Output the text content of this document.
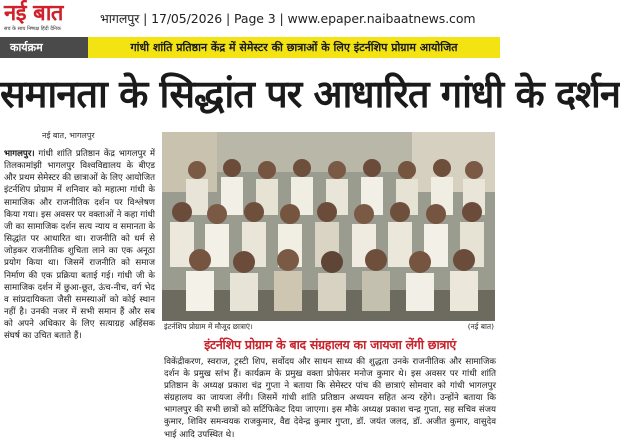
नई बात
सच के साथ निष्पक्ष हिंदी दैनिक
भागलपुर | 17/05/2026 | Page 3 | www.epaper.naibaatnews.com
कार्यक्रम	गांधी शांति प्रतिष्ठान केंद्र में सेमेस्टर की छात्राओं के लिए इंटर्नशिप प्रोग्राम आयोजित
समानता के सिद्धांत पर आधारित गांधी के दर्शन
नई बात, भागलपुर
भागलपुर। गांधी शांति प्रतिष्ठान केंद्र भागलपुर में तिलकामांझी भागलपुर विश्वविद्यालय के बीएड और प्रथम सेमेस्टर की छात्राओं के लिए आयोजित इंटर्नशिप प्रोग्राम में शनिवार को महात्मा गांधी के सामाजिक और राजनीतिक दर्शन पर विश्लेषण किया गया। इस अवसर पर वक्ताओं ने कहा गांधी जी का सामाजिक दर्शन सत्य न्याय व समानता के सिद्धांत पर आधारित था। राजनीति को धर्म से जोड़कर राजनीतिक शुचिता लाने का एक अनूठा प्रयोग किया था। जिसमें राजनीति को समाज निर्माण की एक प्रक्रिया बताई गई। गांधी जी के सामाजिक दर्शन में छुआ-छूत, ऊंच-नीच, वर्ग भेद व सांप्रदायिकता जैसी समस्याओं को कोई स्थान नहीं है। उनकी नजर में सभी समान हैं और सब को अपने अधिकार के लिए सत्याग्रह अहिंसक संघर्ष का उचित बताते हैं।
इंटर्नशिप प्रोग्राम में मौजूद छात्राएं।	(नई बात)
इंटर्नशिप प्रोग्राम के बाद संग्रहालय का जायजा लेंगी छात्राएं
विकेंद्रीकरण, स्वराज, ट्रस्टी शिप, सर्वोदय और साधन साध्य की शुद्धता उनके राजनीतिक और सामाजिक दर्शन के प्रमुख स्तंभ हैं। कार्यक्रम के प्रमुख वक्ता प्रोफेसर मनोज कुमार थे। इस अवसर पर गांधी शांति प्रतिष्ठान के अध्यक्ष प्रकाश चंद्र गुप्ता ने बताया कि सेमेस्टर पांच की छात्राएं सोमवार को गांधी भागलपुर संग्रहालय का जायजा लेंगी। जिसमें गांधी शांति प्रतिष्ठान अध्ययन सहित अन्य रहेंगे। उन्होंने बताया कि भागलपुर की सभी छात्रों को सर्टिफिकेट दिया जाएगा। इस मौके अध्यक्ष प्रकाश चन्द्र गुप्ता, सह सचिव संजय कुमार, शिविर समन्वयक राजकुमार, वैद्य देवेन्द्र कुमार गुप्ता, डॉ. जयंत जलद, डॉ. अजीत कुमार, वासुदेव भाई आदि उपस्थित थे।
